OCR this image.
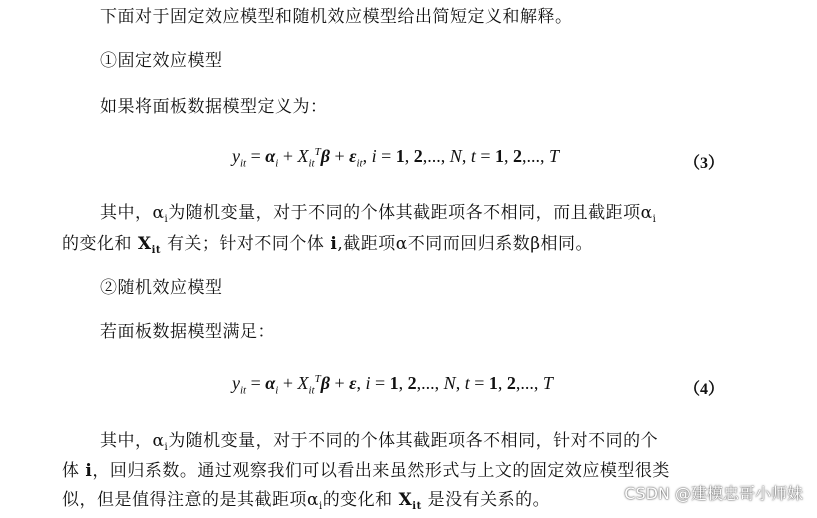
下面对于固定效应模型和随机效应模型给出简短定义和解释。
①固定效应模型
如果将面板数据模型定义为：
$y_{it} = \alpha_i + X_{it}^T\beta + \varepsilon_{it}$, i = 1, 2,..., N, t = 1, 2,..., T	（3）
其中，$\alpha_i$为随机变量，对于不同的个体其截距项各不相同，而且截距项$\alpha_i$
的变化和 $X_{it}$ 有关；针对不同个体 i,截距项α不同而回归系数β相同。
②随机效应模型
若面板数据模型满足：
$y_{it} = \alpha_i + X_{it}^T\beta + \varepsilon$, i = 1, 2,..., N, t = 1, 2,..., T	（4）
其中，$\alpha_i$为随机变量，对于不同的个体其截距项各不相同，针对不同的个
体 i，回归系数。通过观察我们可以看出来虽然形式与上文的固定效应模型很类
似，但是值得注意的是其截距项$\alpha_i$的变化和 $X_{it}$ 是没有关系的。	CSDN @建模忠哥小师妹
